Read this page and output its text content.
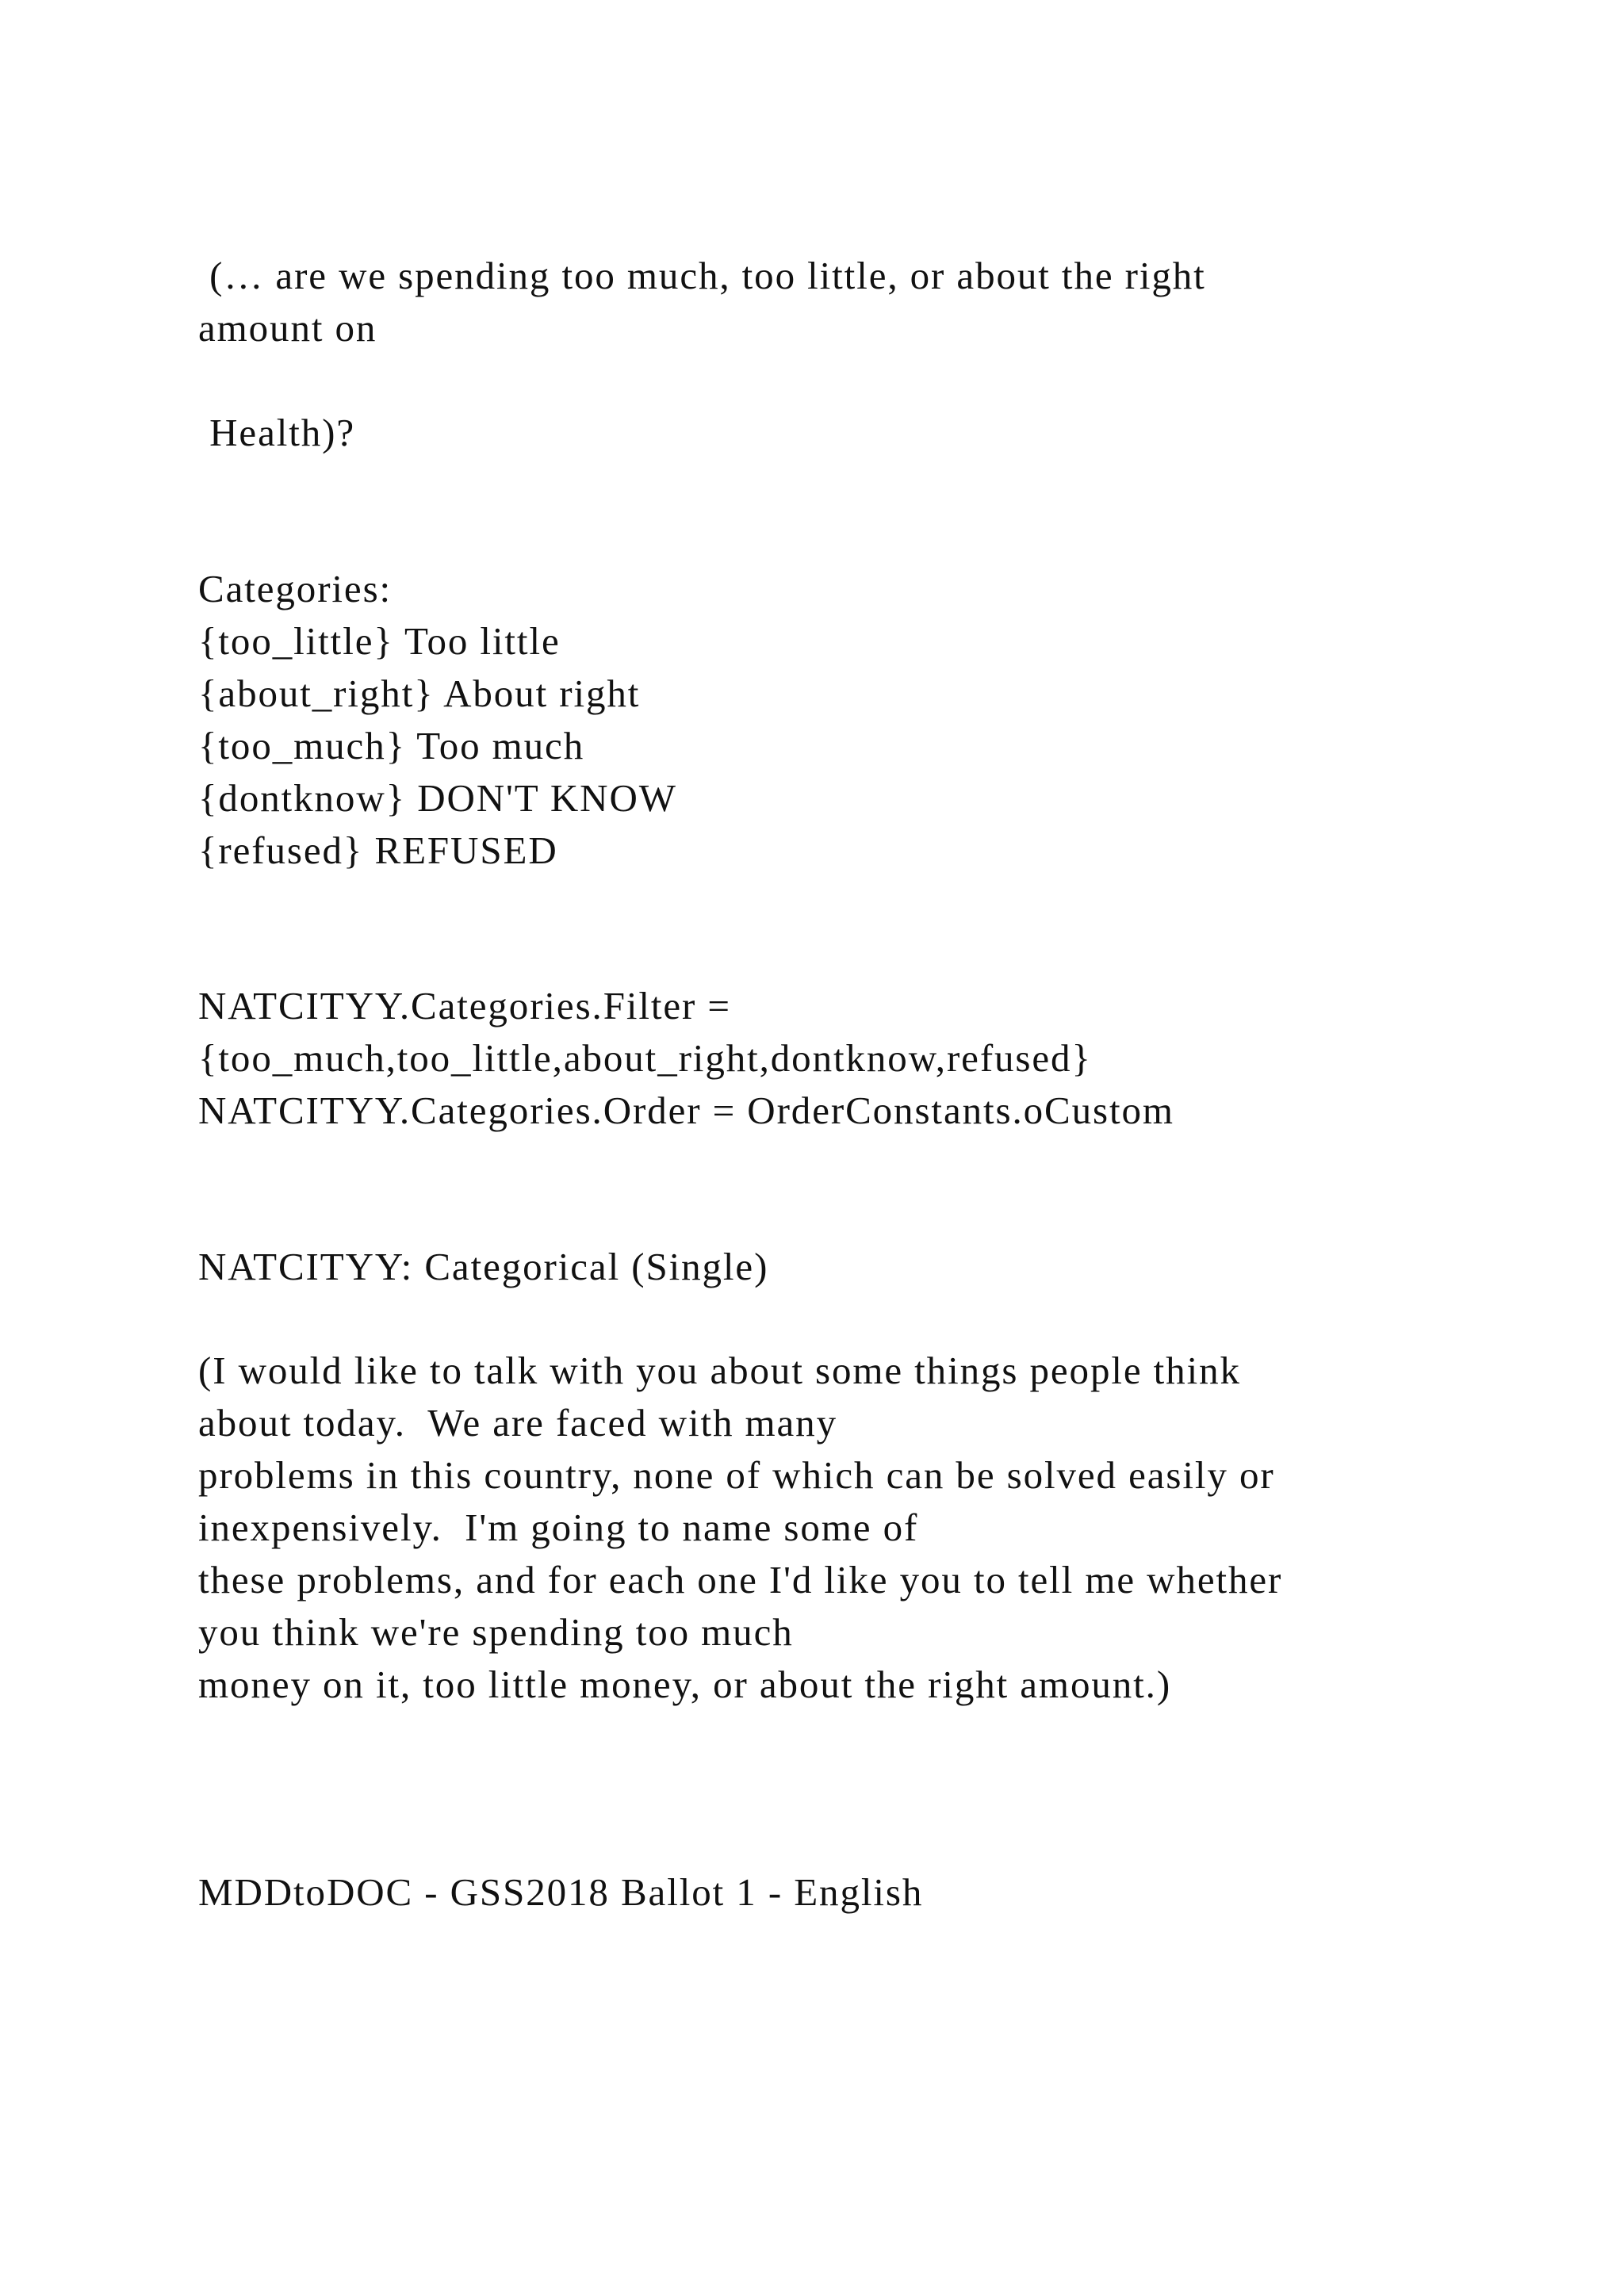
(… are we spending too much, too little, or about the right

amount on

Health)?

Categories:

{too_little} Too little

{about_right} About right

{too_much} Too much

{dontknow} DON'T KNOW

{refused} REFUSED

NATCITYY.Categories.Filter =

{too_much,too_little,about_right,dontknow,refused}

NATCITYY.Categories.Order = OrderConstants.oCustom

NATCITYY: Categorical (Single)

(I would like to talk with you about some things people think

about today.  We are faced with many

problems in this country, none of which can be solved easily or

inexpensively.  I'm going to name some of

these problems, and for each one I'd like you to tell me whether

you think we're spending too much

money on it, too little money, or about the right amount.)

MDDtoDOC - GSS2018 Ballot 1 - English
